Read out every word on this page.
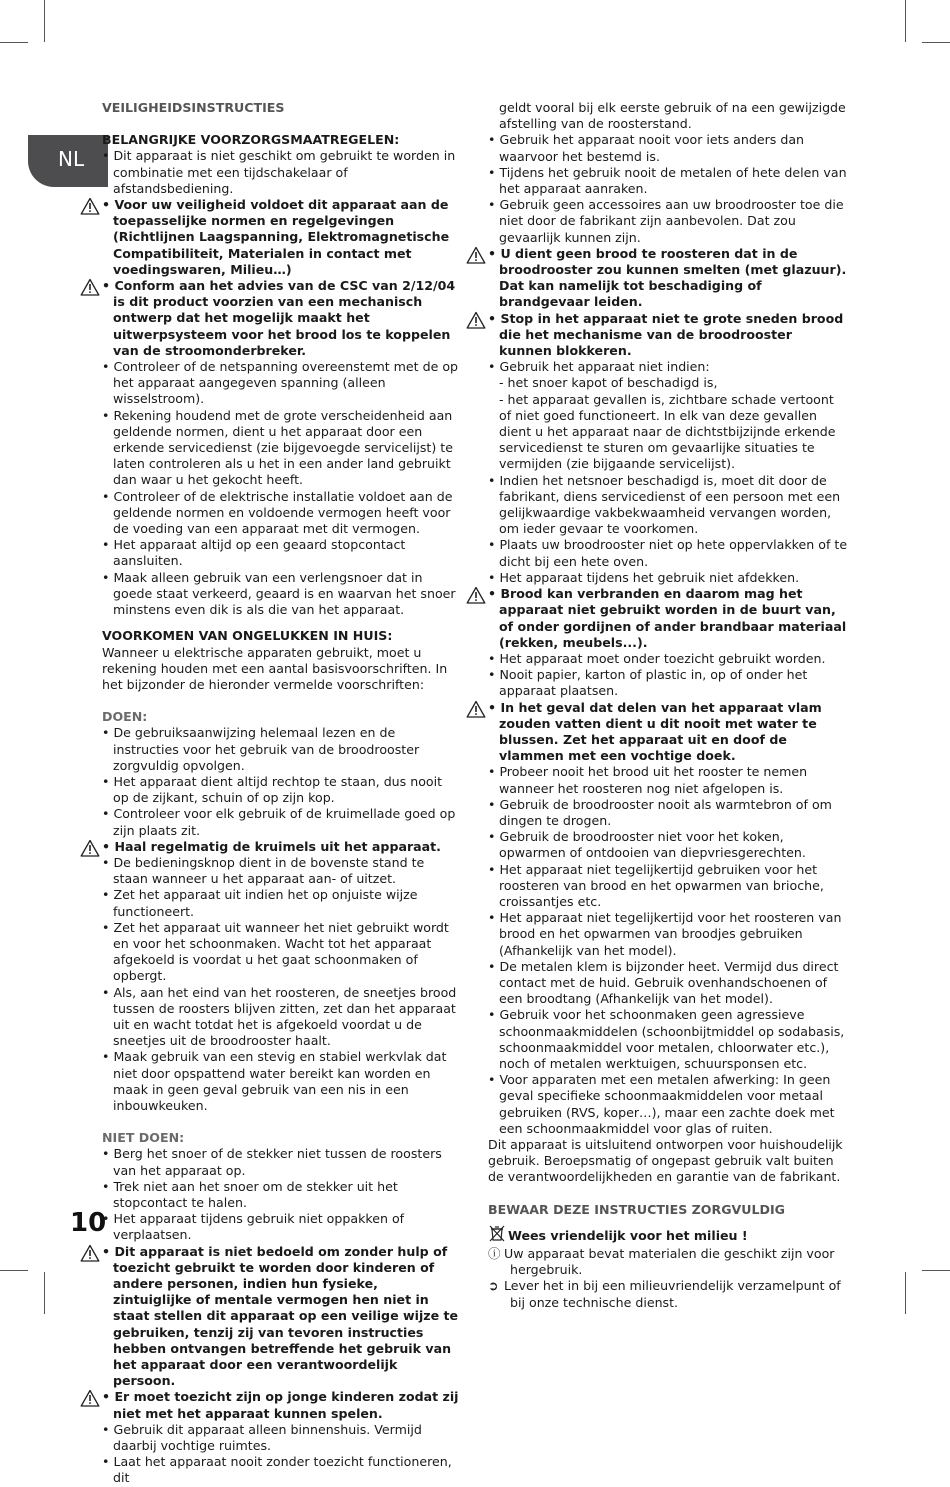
NL
10
VEILIGHEIDSINSTRUCTIES
BELANGRIJKE VOORZORGSMAATREGELEN:
• Dit apparaat is niet geschikt om gebruikt te worden in combinatie met een tijdschakelaar of afstandsbediening.
• Voor uw veiligheid voldoet dit apparaat aan de toepasselijke normen en regelgevingen (Richtlijnen Laagspanning, Elektromagnetische Compatibiliteit, Materialen in contact met voedingswaren, Milieu…)
• Conform aan het advies van de CSC van 2/12/04 is dit product voorzien van een mechanisch ontwerp dat het mogelijk maakt het uitwerpsysteem voor het brood los te koppelen van de stroomonderbreker.
• Controleer of de netspanning overeenstemt met de op het apparaat aangegeven spanning (alleen wisselstroom).
• Rekening houdend met de grote verscheidenheid aan geldende normen, dient u het apparaat door een erkende servicedienst (zie bijgevoegde servicelijst) te laten controleren als u het in een ander land gebruikt dan waar u het gekocht heeft.
• Controleer of de elektrische installatie voldoet aan de geldende normen en voldoende vermogen heeft voor de voeding van een apparaat met dit vermogen.
• Het apparaat altijd op een geaard stopcontact aansluiten.
• Maak alleen gebruik van een verlengsnoer dat in goede staat verkeerd, geaard is en waarvan het snoer minstens even dik is als die van het apparaat.
VOORKOMEN VAN ONGELUKKEN IN HUIS:
Wanneer u elektrische apparaten gebruikt, moet u rekening houden met een aantal basisvoorschriften. In het bijzonder de hieronder vermelde voorschriften:
DOEN:
• De gebruiksaanwijzing helemaal lezen en de instructies voor het gebruik van de broodrooster zorgvuldig opvolgen.
• Het apparaat dient altijd rechtop te staan, dus nooit op de zijkant, schuin of op zijn kop.
• Controleer voor elk gebruik of de kruimellade goed op zijn plaats zit.
• Haal regelmatig de kruimels uit het apparaat.
• De bedieningsknop dient in de bovenste stand te staan wanneer u het apparaat aan- of uitzet.
• Zet het apparaat uit indien het op onjuiste wijze functioneert.
• Zet het apparaat uit wanneer het niet gebruikt wordt en voor het schoonmaken. Wacht tot het apparaat afgekoeld is voordat u het gaat schoonmaken of opbergt.
• Als, aan het eind van het roosteren, de sneetjes brood tussen de roosters blijven zitten, zet dan het apparaat uit en wacht totdat het is afgekoeld voordat u de sneetjes uit de broodrooster haalt.
• Maak gebruik van een stevig en stabiel werkvlak dat niet door opspattend water bereikt kan worden en maak in geen geval gebruik van een nis in een inbouwkeuken.
NIET DOEN:
• Berg het snoer of de stekker niet tussen de roosters van het apparaat op.
• Trek niet aan het snoer om de stekker uit het stopcontact te halen.
• Het apparaat tijdens gebruik niet oppakken of verplaatsen.
• Dit apparaat is niet bedoeld om zonder hulp of toezicht gebruikt te worden door kinderen of andere personen, indien hun fysieke, zintuiglijke of mentale vermogen hen niet in staat stellen dit apparaat op een veilige wijze te gebruiken, tenzij zij van tevoren instructies hebben ontvangen betreffende het gebruik van het apparaat door een verantwoordelijk persoon.
• Er moet toezicht zijn op jonge kinderen zodat zij niet met het apparaat kunnen spelen.
• Gebruik dit apparaat alleen binnenshuis. Vermijd daarbij vochtige ruimtes.
• Laat het apparaat nooit zonder toezicht functioneren, dit
geldt vooral bij elk eerste gebruik of na een gewijzigde afstelling van de roosterstand.
• Gebruik het apparaat nooit voor iets anders dan waarvoor het bestemd is.
• Tijdens het gebruik nooit de metalen of hete delen van het apparaat aanraken.
• Gebruik geen accessoires aan uw broodrooster toe die niet door de fabrikant zijn aanbevolen. Dat zou gevaarlijk kunnen zijn.
• U dient geen brood te roosteren dat in de broodrooster zou kunnen smelten (met glazuur). Dat kan namelijk tot beschadiging of brandgevaar leiden.
• Stop in het apparaat niet te grote sneden brood die het mechanisme van de broodrooster kunnen blokkeren.
• Gebruik het apparaat niet indien:
- het snoer kapot of beschadigd is,
- het apparaat gevallen is, zichtbare schade vertoont of niet goed functioneert. In elk van deze gevallen dient u het apparaat naar de dichtstbijzijnde erkende servicedienst te sturen om gevaarlijke situaties te vermijden (zie bijgaande servicelijst).
• Indien het netsnoer beschadigd is, moet dit door de fabrikant, diens servicedienst of een persoon met een gelijkwaardige vakbekwaamheid vervangen worden, om ieder gevaar te voorkomen.
• Plaats uw broodrooster niet op hete oppervlakken of te dicht bij een hete oven.
• Het apparaat tijdens het gebruik niet afdekken.
• Brood kan verbranden en daarom mag het apparaat niet gebruikt worden in de buurt van, of onder gordijnen of ander brandbaar materiaal (rekken, meubels...).
• Het apparaat moet onder toezicht gebruikt worden.
• Nooit papier, karton of plastic in, op of onder het apparaat plaatsen.
• In het geval dat delen van het apparaat vlam zouden vatten dient u dit nooit met water te blussen. Zet het apparaat uit en doof de vlammen met een vochtige doek.
• Probeer nooit het brood uit het rooster te nemen wanneer het roosteren nog niet afgelopen is.
• Gebruik de broodrooster nooit als warmtebron of om dingen te drogen.
• Gebruik de broodrooster niet voor het koken, opwarmen of ontdooien van diepvriesgerechten.
• Het apparaat niet tegelijkertijd gebruiken voor het roosteren van brood en het opwarmen van brioche, croissantjes etc.
• Het apparaat niet tegelijkertijd voor het roosteren van brood en het opwarmen van broodjes gebruiken (Afhankelijk van het model).
• De metalen klem is bijzonder heet. Vermijd dus direct contact met de huid. Gebruik ovenhandschoenen of een broodtang (Afhankelijk van het model).
• Gebruik voor het schoonmaken geen agressieve schoonmaakmiddelen (schoonbijtmiddel op sodabasis, schoonmaakmiddel voor metalen, chloorwater etc.), noch of metalen werktuigen, schuursponsen etc.
• Voor apparaten met een metalen afwerking: In geen geval specifieke schoonmaakmiddelen voor metaal gebruiken (RVS, koper…), maar een zachte doek met een schoonmaakmiddel voor glas of ruiten.
Dit apparaat is uitsluitend ontworpen voor huishoudelijk gebruik. Beroepsmatig of ongepast gebruik valt buiten de verantwoordelijkheden en garantie van de fabrikant.
BEWAAR DEZE INSTRUCTIES ZORGVULDIG
Wees vriendelijk voor het milieu !
ⓘ Uw apparaat bevat materialen die geschikt zijn voor hergebruik.
➲ Lever het in bij een milieuvriendelijk verzamelpunt of bij onze technische dienst.
